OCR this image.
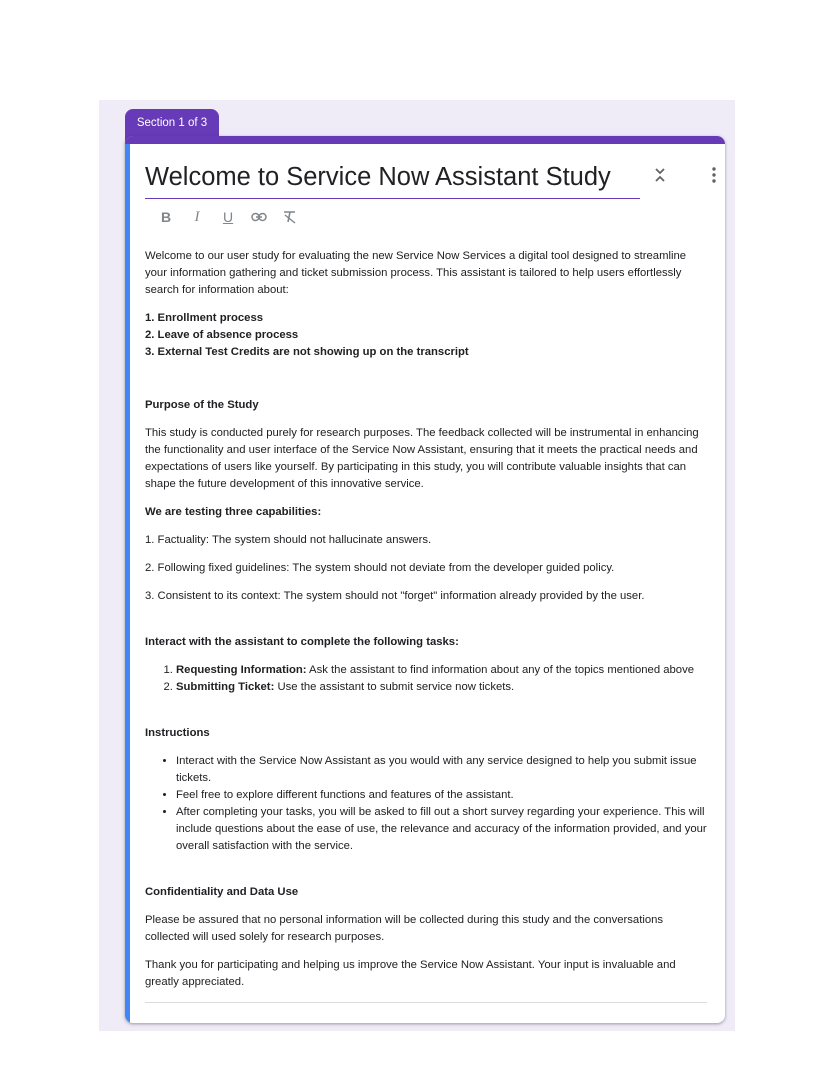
Section 1 of 3
Welcome to Service Now Assistant Study
B	I	U

Welcome to our user study for evaluating the new Service Now Services a digital tool designed to streamline your information gathering and ticket submission process. This assistant is tailored to help users effortlessly search for information about:

1. Enrollment process
2. Leave of absence process
3. External Test Credits are not showing up on the transcript

Purpose of the Study

This study is conducted purely for research purposes. The feedback collected will be instrumental in enhancing the functionality and user interface of the Service Now Assistant, ensuring that it meets the practical needs and expectations of users like yourself. By participating in this study, you will contribute valuable insights that can shape the future development of this innovative service.

We are testing three capabilities:

1. Factuality: The system should not hallucinate answers.

2. Following fixed guidelines: The system should not deviate from the developer guided policy.

3. Consistent to its context: The system should not "forget" information already provided by the user.

Interact with the assistant to complete the following tasks:

1. Requesting Information: Ask the assistant to find information about any of the topics mentioned above
2. Submitting Ticket: Use the assistant to submit service now tickets.

Instructions

• Interact with the Service Now Assistant as you would with any service designed to help you submit issue tickets.
• Feel free to explore different functions and features of the assistant.
• After completing your tasks, you will be asked to fill out a short survey regarding your experience. This will include questions about the ease of use, the relevance and accuracy of the information provided, and your overall satisfaction with the service.

Confidentiality and Data Use

Please be assured that no personal information will be collected during this study and the conversations collected will used solely for research purposes.

Thank you for participating and helping us improve the Service Now Assistant. Your input is invaluable and greatly appreciated.
